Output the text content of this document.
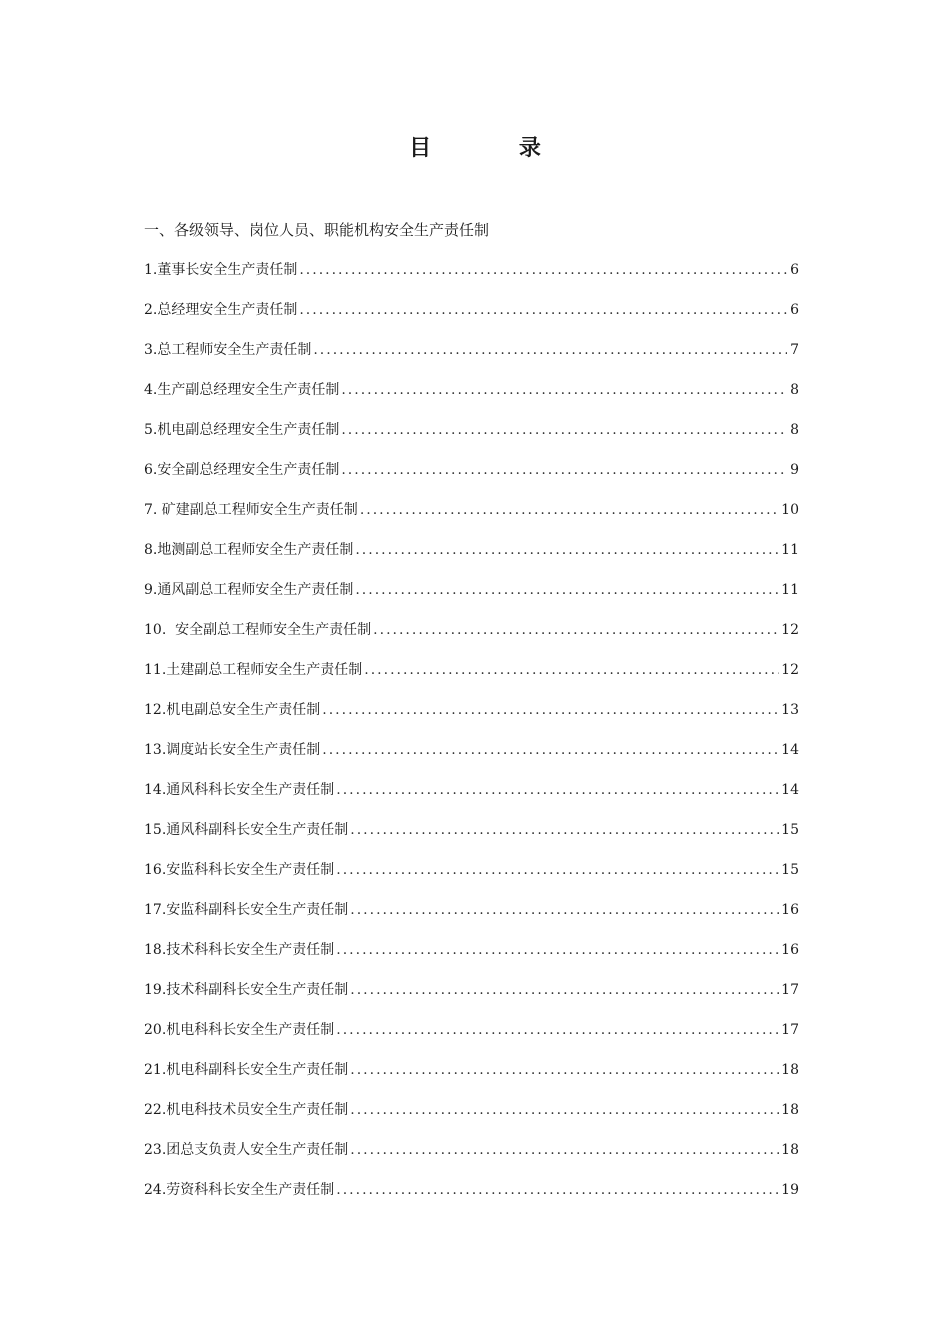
目 录
一、各级领导、岗位人员、职能机构安全生产责任制
1.董事长安全生产责任制 .....	6
2.总经理安全生产责任制 .....	6
3.总工程师安全生产责任制 .....	7
4.生产副总经理安全生产责任制 .....	8
5.机电副总经理安全生产责任制 .....	8
6.安全副总经理安全生产责任制 .....	9
7. 矿建副总工程师安全生产责任制 .....	10
8.地测副总工程师安全生产责任制 .....	11
9.通风副总工程师安全生产责任制 .....	11
10.  安全副总工程师安全生产责任制 .....	12
11.土建副总工程师安全生产责任制 .....	12
12.机电副总安全生产责任制 .....	13
13.调度站长安全生产责任制 .....	14
14.通风科科长安全生产责任制 .....	14
15.通风科副科长安全生产责任制 .....	15
16.安监科科长安全生产责任制 .....	15
17.安监科副科长安全生产责任制 .....	16
18.技术科科长安全生产责任制 .....	16
19.技术科副科长安全生产责任制 .....	17
20.机电科科长安全生产责任制 .....	17
21.机电科副科长安全生产责任制 .....	18
22.机电科技术员安全生产责任制 .....	18
23.团总支负责人安全生产责任制 .....	18
24.劳资科科长安全生产责任制 .....	19
